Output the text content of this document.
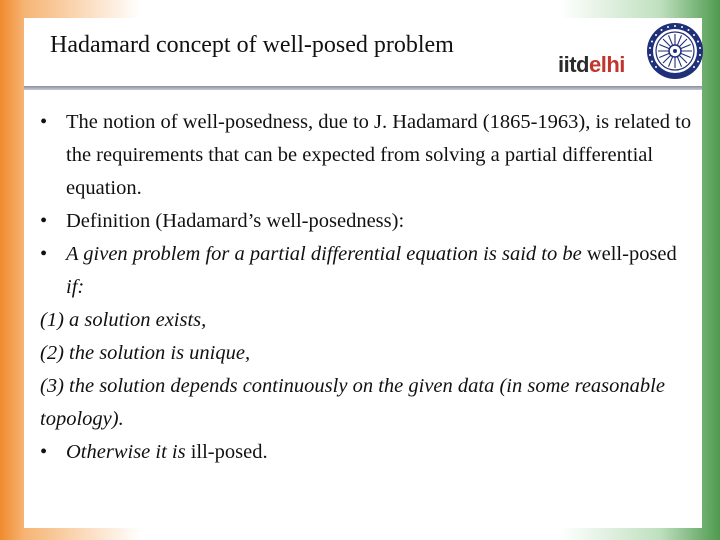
Hadamard concept of well-posed problem
iitdelhi
• The notion of well-posedness, due to J. Hadamard (1865-1963), is related to the requirements that can be expected from solving a partial differential equation.
• Definition (Hadamard’s well-posedness):
• A given problem for a partial differential equation is said to be well-posed if:
(1) a solution exists,
(2) the solution is unique,
(3) the solution depends continuously on the given data (in some reasonable topology).
• Otherwise it is ill-posed.
